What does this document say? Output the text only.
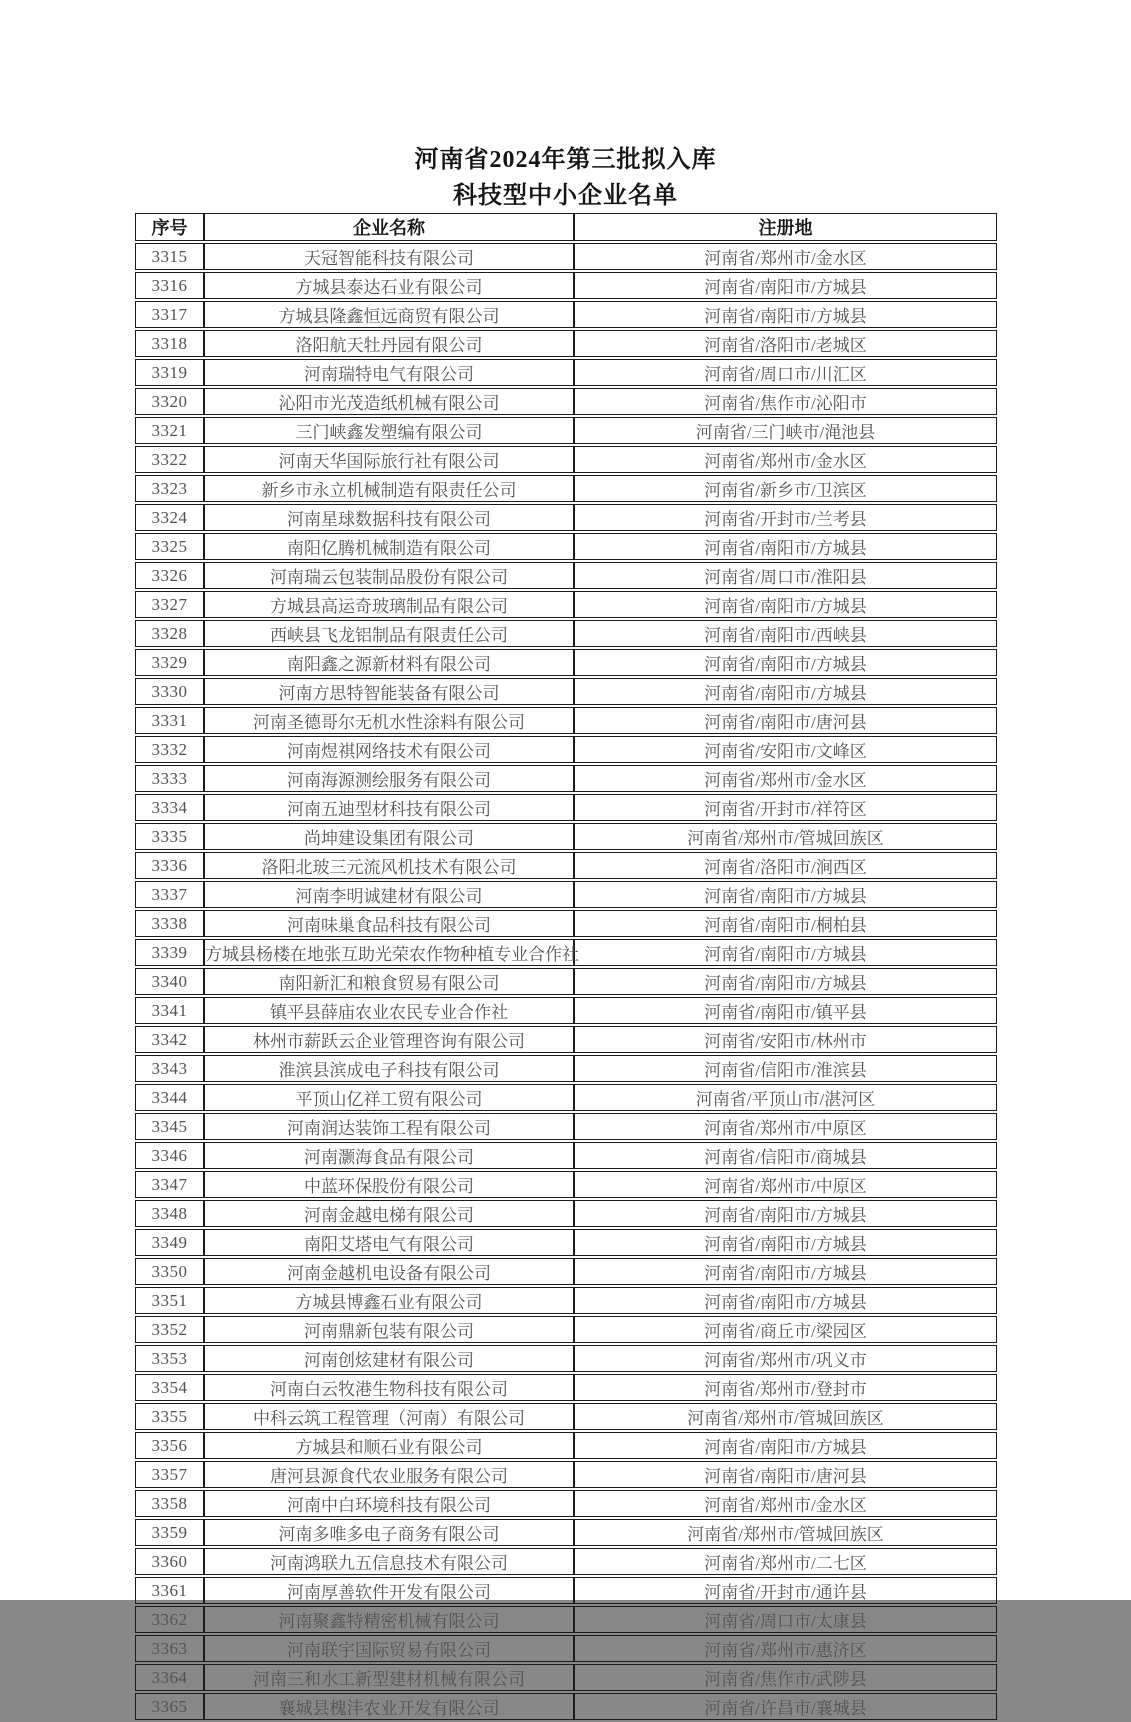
河南省2024年第三批拟入库
科技型中小企业名单
序号	企业名称	注册地
3315	天冠智能科技有限公司	河南省/郑州市/金水区
3316	方城县泰达石业有限公司	河南省/南阳市/方城县
3317	方城县隆鑫恒远商贸有限公司	河南省/南阳市/方城县
3318	洛阳航天牡丹园有限公司	河南省/洛阳市/老城区
3319	河南瑞特电气有限公司	河南省/周口市/川汇区
3320	沁阳市光茂造纸机械有限公司	河南省/焦作市/沁阳市
3321	三门峡鑫发塑编有限公司	河南省/三门峡市/渑池县
3322	河南天华国际旅行社有限公司	河南省/郑州市/金水区
3323	新乡市永立机械制造有限责任公司	河南省/新乡市/卫滨区
3324	河南星球数据科技有限公司	河南省/开封市/兰考县
3325	南阳亿腾机械制造有限公司	河南省/南阳市/方城县
3326	河南瑞云包装制品股份有限公司	河南省/周口市/淮阳县
3327	方城县高运奇玻璃制品有限公司	河南省/南阳市/方城县
3328	西峡县飞龙铝制品有限责任公司	河南省/南阳市/西峡县
3329	南阳鑫之源新材料有限公司	河南省/南阳市/方城县
3330	河南方思特智能装备有限公司	河南省/南阳市/方城县
3331	河南圣德哥尔无机水性涂料有限公司	河南省/南阳市/唐河县
3332	河南煜祺网络技术有限公司	河南省/安阳市/文峰区
3333	河南海源测绘服务有限公司	河南省/郑州市/金水区
3334	河南五迪型材科技有限公司	河南省/开封市/祥符区
3335	尚坤建设集团有限公司	河南省/郑州市/管城回族区
3336	洛阳北玻三元流风机技术有限公司	河南省/洛阳市/涧西区
3337	河南李明诚建材有限公司	河南省/南阳市/方城县
3338	河南味巢食品科技有限公司	河南省/南阳市/桐柏县
3339	方城县杨楼在地张互助光荣农作物种植专业合作社	河南省/南阳市/方城县
3340	南阳新汇和粮食贸易有限公司	河南省/南阳市/方城县
3341	镇平县薛庙农业农民专业合作社	河南省/南阳市/镇平县
3342	林州市薪跃云企业管理咨询有限公司	河南省/安阳市/林州市
3343	淮滨县滨成电子科技有限公司	河南省/信阳市/淮滨县
3344	平顶山亿祥工贸有限公司	河南省/平顶山市/湛河区
3345	河南润达装饰工程有限公司	河南省/郑州市/中原区
3346	河南灏海食品有限公司	河南省/信阳市/商城县
3347	中蓝环保股份有限公司	河南省/郑州市/中原区
3348	河南金越电梯有限公司	河南省/南阳市/方城县
3349	南阳艾塔电气有限公司	河南省/南阳市/方城县
3350	河南金越机电设备有限公司	河南省/南阳市/方城县
3351	方城县博鑫石业有限公司	河南省/南阳市/方城县
3352	河南鼎新包装有限公司	河南省/商丘市/梁园区
3353	河南创炫建材有限公司	河南省/郑州市/巩义市
3354	河南白云牧港生物科技有限公司	河南省/郑州市/登封市
3355	中科云筑工程管理（河南）有限公司	河南省/郑州市/管城回族区
3356	方城县和顺石业有限公司	河南省/南阳市/方城县
3357	唐河县源食代农业服务有限公司	河南省/南阳市/唐河县
3358	河南中白环境科技有限公司	河南省/郑州市/金水区
3359	河南多唯多电子商务有限公司	河南省/郑州市/管城回族区
3360	河南鸿联九五信息技术有限公司	河南省/郑州市/二七区
3361	河南厚善软件开发有限公司	河南省/开封市/通许县
3362	河南聚鑫特精密机械有限公司	河南省/周口市/太康县
3363	河南联宇国际贸易有限公司	河南省/郑州市/惠济区
3364	河南三和水工新型建材机械有限公司	河南省/焦作市/武陟县
3365	襄城县槐沣农业开发有限公司	河南省/许昌市/襄城县
